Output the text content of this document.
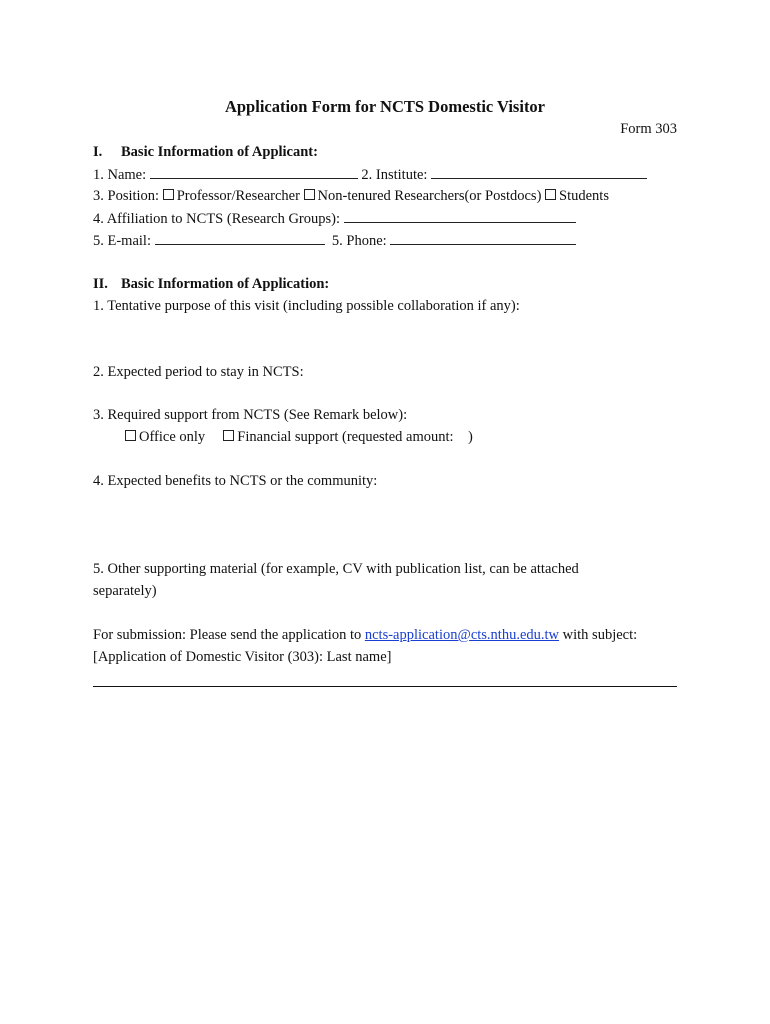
Application Form for NCTS Domestic Visitor
Form 303
I. Basic Information of Applicant:
1. Name:	2. Institute:
3. Position: Professor/Researcher Non-tenured Researchers(or Postdocs) Students
4. Affiliation to NCTS (Research Groups):
5. E-mail:	5. Phone:
II. Basic Information of Application:
1. Tentative purpose of this visit (including possible collaboration if any):
2. Expected period to stay in NCTS:
3. Required support from NCTS (See Remark below):
Office only Financial support (requested amount:    )
4. Expected benefits to NCTS or the community:
5. Other supporting material (for example, CV with publication list, can be attached
separately)
For submission: Please send the application to ncts-application@cts.nthu.edu.tw with subject:
[Application of Domestic Visitor (303): Last name]
